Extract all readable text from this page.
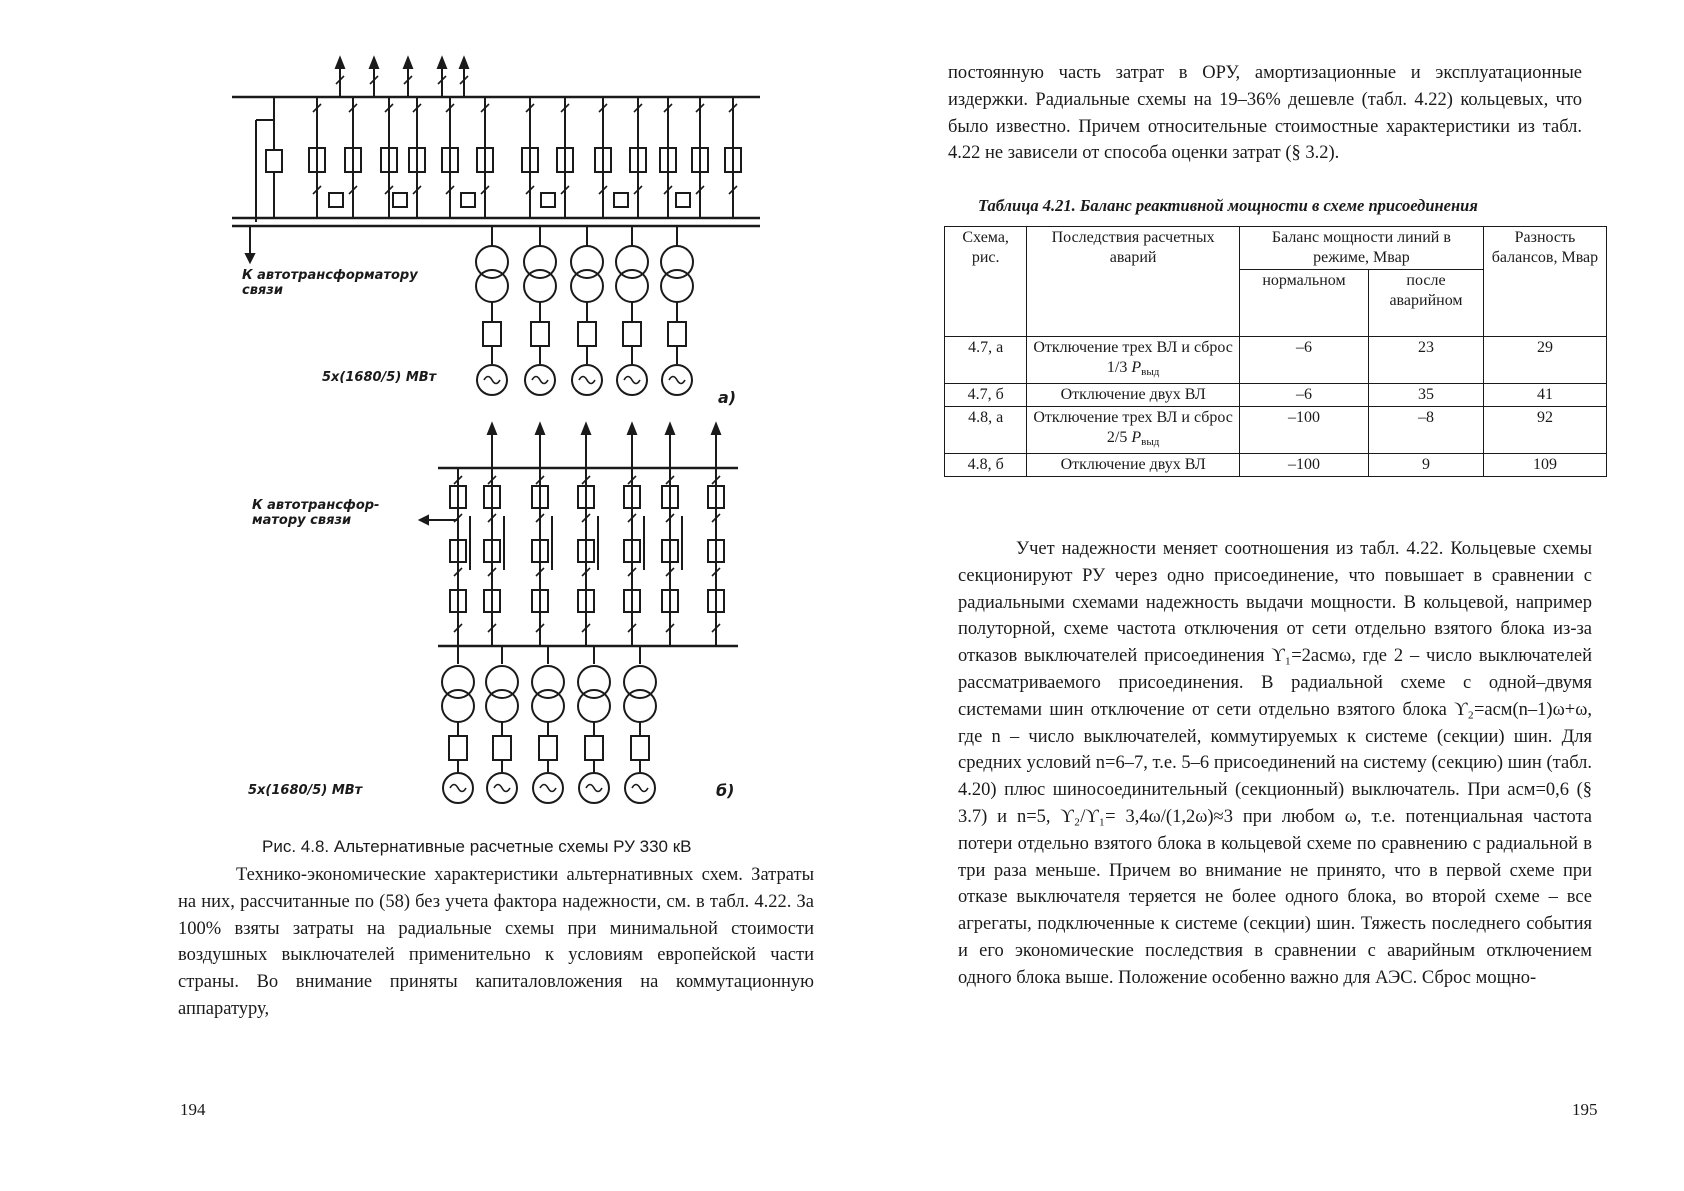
К автотрансформатору
связи
5x(1680/5) МВт
а)
К автотрансфор-
матору связи
5x(1680/5) МВт	б)
Рис. 4.8. Альтернативные расчетные схемы РУ 330 кВ

Технико-экономические характеристики альтернативных схем. Затраты на них, рассчитанные по (58) без учета фактора надежности, см. в табл. 4.22. За 100% взяты затраты на радиальные схемы при минимальной стоимости воздушных выключателей применительно к условиям европейской части страны. Во внимание приняты капиталовложения на коммутационную аппаратуру,

194

постоянную часть затрат в ОРУ, амортизационные и эксплуатационные издержки. Радиальные схемы на 19–36% дешевле (табл. 4.22) кольцевых, что было известно. Причем относительные стоимостные характеристики из табл. 4.22 не зависели от способа оценки затрат (§ 3.2).

Таблица 4.21. Баланс реактивной мощности в схеме присоединения
Схема, рис.	Последствия расчетных аварий	Баланс мощности линий в режиме, Мвар		Разность балансов, Мвар
		нормальном	после аварийном	
4.7, а	Отключение трех ВЛ и сброс 1/3 $Р_{выд}$	–6	23	29
4.7, б	Отключение двух ВЛ	–6	35	41
4.8, а	Отключение трех ВЛ и сброс 2/5 $Р_{выд}$	–100	–8	92
4.8, б	Отключение двух ВЛ	–100	9	109

Учет надежности меняет соотношения из табл. 4.22. Кольцевые схемы секционируют РУ через одно присоединение, что повышает в сравнении с радиальными схемами надежность выдачи мощности. В кольцевой, например полуторной, схеме частота отключения от сети отдельно взятого блока из-за отказов выключателей присоединения ϒ₁=2aсмω, где 2 – число выключателей рассматриваемого присоединения. В радиальной схеме с одной–двумя системами шин отключение от сети отдельно взятого блока ϒ₂=aсм(n–1)ω+ω, где n – число выключателей, коммутируемых к системе (секции) шин. Для средних условий n=6–7, т.е. 5–6 присоединений на систему (секцию) шин (табл. 4.20) плюс шиносоединительный (секционный) выключатель. При aсм=0,6 (§ 3.7) и n=5, ϒ₂/ϒ₁= 3,4ω/(1,2ω)≈3 при любом ω, т.е. потенциальная частота потери отдельно взятого блока в кольцевой схеме по сравнению с радиальной в три раза меньше. Причем во внимание не принято, что в первой схеме при отказе выключателя теряется не более одного блока, во второй схеме – все агрегаты, подключенные к системе (секции) шин. Тяжесть последнего события и его экономические последствия в сравнении с аварийным отключением одного блока выше. Положение особенно важно для АЭС. Сброс мощно-

195
